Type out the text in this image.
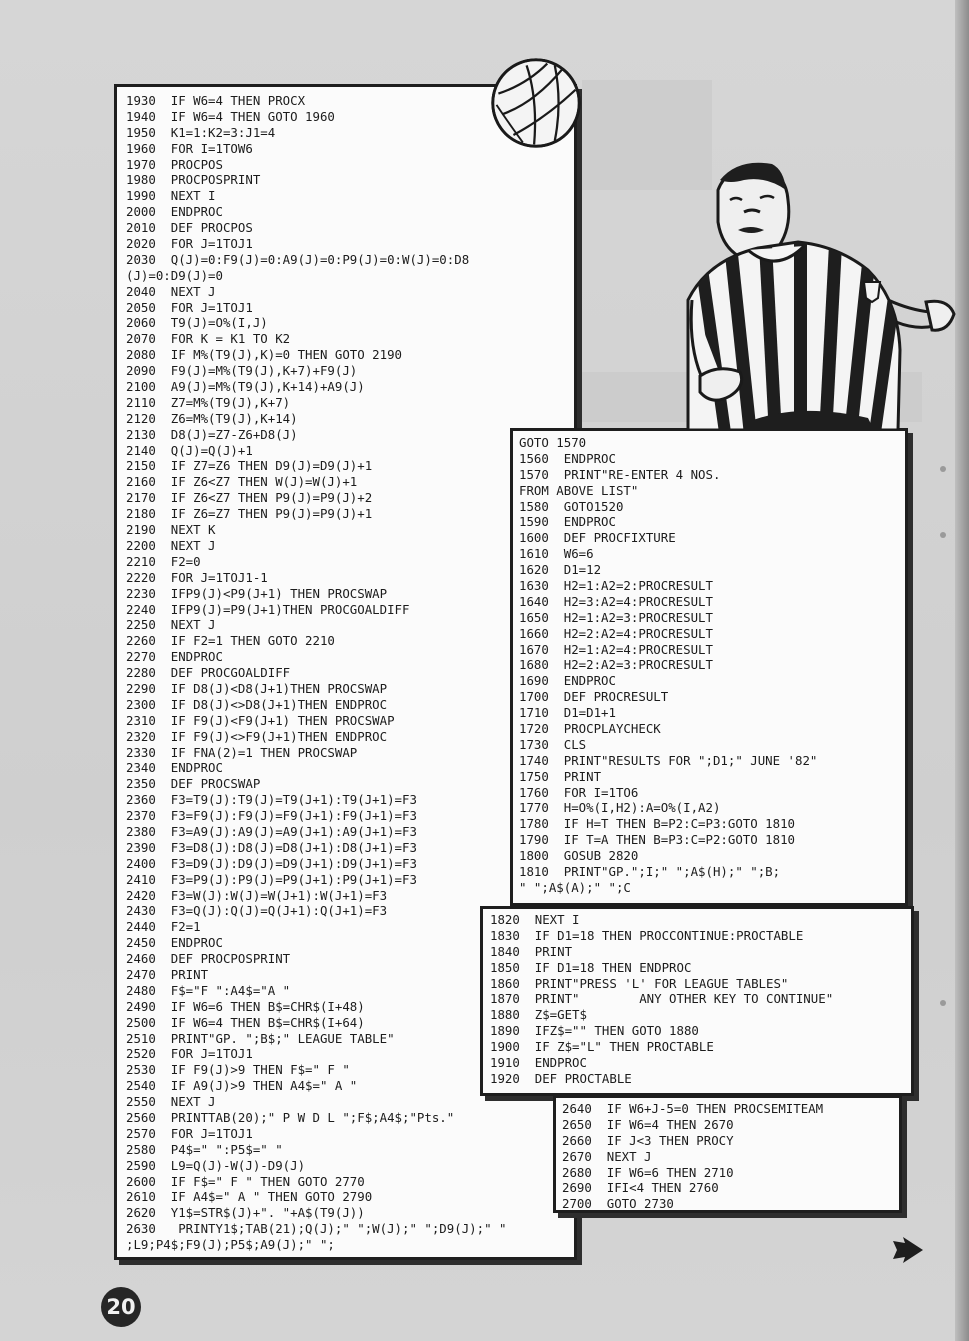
1930  IF W6=4 THEN PROCX
1940  IF W6=4 THEN GOTO 1960
1950  K1=1:K2=3:J1=4
1960  FOR I=1TOW6
1970  PROCPOS
1980  PROCPOSPRINT
1990  NEXT I
2000  ENDPROC
2010  DEF PROCPOS
2020  FOR J=1TOJ1
2030  Q(J)=0:F9(J)=0:A9(J)=0:P9(J)=0:W(J)=0:D8
(J)=0:D9(J)=0
2040  NEXT J
2050  FOR J=1TOJ1
2060  T9(J)=O%(I,J)
2070  FOR K = K1 TO K2
2080  IF M%(T9(J),K)=0 THEN GOTO 2190
2090  F9(J)=M%(T9(J),K+7)+F9(J)
2100  A9(J)=M%(T9(J),K+14)+A9(J)
2110  Z7=M%(T9(J),K+7)
2120  Z6=M%(T9(J),K+14)
2130  D8(J)=Z7-Z6+D8(J)
2140  Q(J)=Q(J)+1
2150  IF Z7=Z6 THEN D9(J)=D9(J)+1
2160  IF Z6<Z7 THEN W(J)=W(J)+1
2170  IF Z6<Z7 THEN P9(J)=P9(J)+2
2180  IF Z6=Z7 THEN P9(J)=P9(J)+1
2190  NEXT K
2200  NEXT J
2210  F2=0
2220  FOR J=1TOJ1-1
2230  IFP9(J)<P9(J+1) THEN PROCSWAP
2240  IFP9(J)=P9(J+1)THEN PROCGOALDIFF
2250  NEXT J
2260  IF F2=1 THEN GOTO 2210
2270  ENDPROC
2280  DEF PROCGOALDIFF
2290  IF D8(J)<D8(J+1)THEN PROCSWAP
2300  IF D8(J)<>D8(J+1)THEN ENDPROC
2310  IF F9(J)<F9(J+1) THEN PROCSWAP
2320  IF F9(J)<>F9(J+1)THEN ENDPROC
2330  IF FNA(2)=1 THEN PROCSWAP
2340  ENDPROC
2350  DEF PROCSWAP
2360  F3=T9(J):T9(J)=T9(J+1):T9(J+1)=F3
2370  F3=F9(J):F9(J)=F9(J+1):F9(J+1)=F3
2380  F3=A9(J):A9(J)=A9(J+1):A9(J+1)=F3
2390  F3=D8(J):D8(J)=D8(J+1):D8(J+1)=F3
2400  F3=D9(J):D9(J)=D9(J+1):D9(J+1)=F3
2410  F3=P9(J):P9(J)=P9(J+1):P9(J+1)=F3
2420  F3=W(J):W(J)=W(J+1):W(J+1)=F3
2430  F3=Q(J):Q(J)=Q(J+1):Q(J+1)=F3
2440  F2=1
2450  ENDPROC
2460  DEF PROCPOSPRINT
2470  PRINT
2480  F$="F ":A4$="A "
2490  IF W6=6 THEN B$=CHR$(I+48)
2500  IF W6=4 THEN B$=CHR$(I+64)
2510  PRINT"GP. ";B$;" LEAGUE TABLE"
2520  FOR J=1TOJ1
2530  IF F9(J)>9 THEN F$=" F "
2540  IF A9(J)>9 THEN A4$=" A "
2550  NEXT J
2560  PRINTTAB(20);" P W D L ";F$;A4$;"Pts."
2570  FOR J=1TOJ1
2580  P4$=" ":P5$=" "
2590  L9=Q(J)-W(J)-D9(J)
2600  IF F$=" F " THEN GOTO 2770
2610  IF A4$=" A " THEN GOTO 2790
2620  Y1$=STR$(J)+". "+A$(T9(J))
2630   PRINTY1$;TAB(21);Q(J);" ";W(J);" ";D9(J);" "
;L9;P4$;F9(J);P5$;A9(J);" ";
GOTO 1570
1560  ENDPROC
1570  PRINT"RE-ENTER 4 NOS.
FROM ABOVE LIST"
1580  GOTO1520
1590  ENDPROC
1600  DEF PROCFIXTURE
1610  W6=6
1620  D1=12
1630  H2=1:A2=2:PROCRESULT
1640  H2=3:A2=4:PROCRESULT
1650  H2=1:A2=3:PROCRESULT
1660  H2=2:A2=4:PROCRESULT
1670  H2=1:A2=4:PROCRESULT
1680  H2=2:A2=3:PROCRESULT
1690  ENDPROC
1700  DEF PROCRESULT
1710  D1=D1+1
1720  PROCPLAYCHECK
1730  CLS
1740  PRINT"RESULTS FOR ";D1;" JUNE '82"
1750  PRINT
1760  FOR I=1TO6
1770  H=O%(I,H2):A=O%(I,A2)
1780  IF H=T THEN B=P2:C=P3:GOTO 1810
1790  IF T=A THEN B=P3:C=P2:GOTO 1810
1800  GOSUB 2820
1810  PRINT"GP.";I;" ";A$(H);" ";B;
" ";A$(A);" ";C
1820  NEXT I
1830  IF D1=18 THEN PROCCONTINUE:PROCTABLE
1840  PRINT
1850  IF D1=18 THEN ENDPROC
1860  PRINT"PRESS 'L' FOR LEAGUE TABLES"
1870  PRINT"        ANY OTHER KEY TO CONTINUE"
1880  Z$=GET$
1890  IFZ$="" THEN GOTO 1880
1900  IF Z$="L" THEN PROCTABLE
1910  ENDPROC
1920  DEF PROCTABLE
2640  IF W6+J-5=0 THEN PROCSEMITEAM
2650  IF W6=4 THEN 2670
2660  IF J<3 THEN PROCY
2670  NEXT J
2680  IF W6=6 THEN 2710
2690  IFI<4 THEN 2760
2700  GOTO 2730
20
